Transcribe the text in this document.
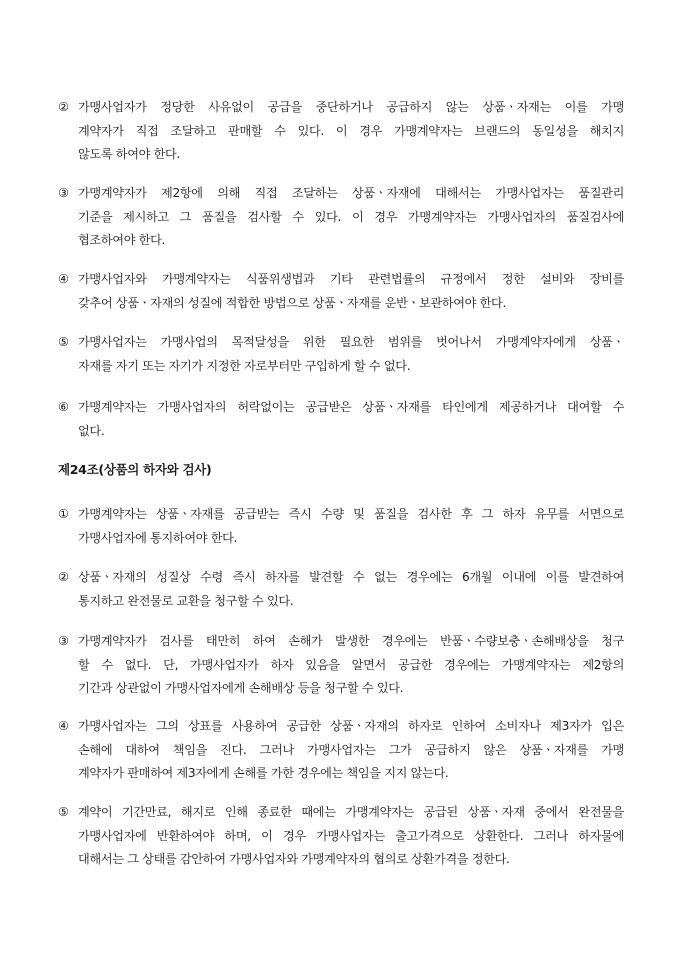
② 가맹사업자가 정당한 사유없이 공급을 중단하거나 공급하지 않는 상품ㆍ자재는 이를 가맹
계약자가 직접 조달하고 판매할 수 있다. 이 경우 가맹계약자는 브랜드의 동일성을 해치지
않도록 하여야 한다.
③ 가맹계약자가 제2항에 의해 직접 조달하는 상품ㆍ자재에 대해서는 가맹사업자는 품질관리
기준을 제시하고 그 품질을 검사할 수 있다. 이 경우 가맹계약자는 가맹사업자의 품질검사에
협조하여야 한다.
④ 가맹사업자와 가맹계약자는 식품위생법과 기타 관련법률의 규정에서 정한 설비와 장비를
갖추어 상품ㆍ자재의 성질에 적합한 방법으로 상품ㆍ자재를 운반ㆍ보관하여야 한다.
⑤ 가맹사업자는 가맹사업의 목적달성을 위한 필요한 범위를 벗어나서 가맹계약자에게 상품ㆍ
자재를 자기 또는 자기가 지정한 자로부터만 구입하게 할 수 없다.
⑥ 가맹계약자는 가맹사업자의 허락없이는 공급받은 상품ㆍ자재를 타인에게 제공하거나 대여할 수
없다.
제24조(상품의 하자와 검사)
① 가맹계약자는 상품ㆍ자재를 공급받는 즉시 수량 및 품질을 검사한 후 그 하자 유무를 서면으로
가맹사업자에 통지하여야 한다.
② 상품ㆍ자재의 성질상 수령 즉시 하자를 발견할 수 없는 경우에는 6개월 이내에 이를 발견하여
통지하고 완전물로 교환을 청구할 수 있다.
③ 가맹계약자가 검사를 태만히 하여 손해가 발생한 경우에는 반품ㆍ수량보충ㆍ손해배상을 청구
할 수 없다. 단, 가맹사업자가 하자 있음을 알면서 공급한 경우에는 가맹계약자는 제2항의
기간과 상관없이 가맹사업자에게 손해배상 등을 청구할 수 있다.
④ 가맹사업자는 그의 상표를 사용하여 공급한 상품ㆍ자재의 하자로 인하여 소비자나 제3자가 입은
손해에 대하여 책임을 진다. 그러나 가맹사업자는 그가 공급하지 않은 상품ㆍ자재를 가맹
계약자가 판매하여 제3자에게 손해를 가한 경우에는 책임을 지지 않는다.
⑤ 계약이 기간만료, 해지로 인해 종료한 때에는 가맹계약자는 공급된 상품ㆍ자재 중에서 완전물을
가맹사업자에 반환하여야 하며, 이 경우 가맹사업자는 출고가격으로 상환한다. 그러나 하자물에
대해서는 그 상태를 감안하여 가맹사업자와 가맹계약자의 협의로 상환가격을 정한다.
